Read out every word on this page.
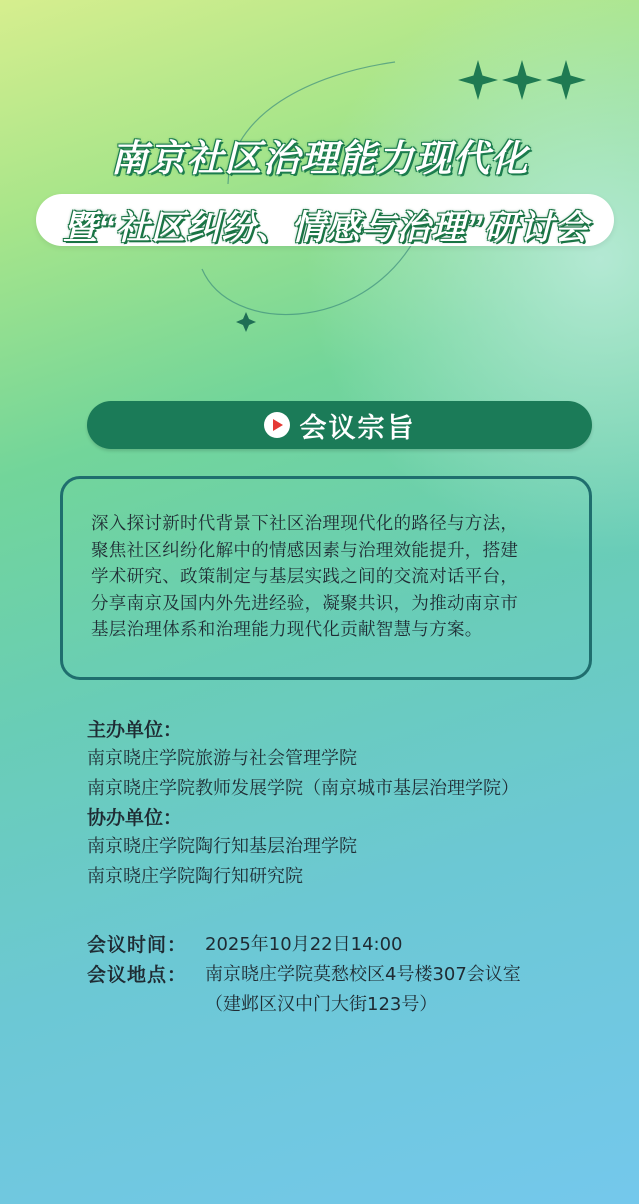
南京社区治理能力现代化
暨“社区纠纷、情感与治理”研讨会
会议宗旨
深入探讨新时代背景下社区治理现代化的路径与方法，
聚焦社区纠纷化解中的情感因素与治理效能提升，搭建
学术研究、政策制定与基层实践之间的交流对话平台，
分享南京及国内外先进经验，凝聚共识，为推动南京市
基层治理体系和治理能力现代化贡献智慧与方案。
主办单位：
南京晓庄学院旅游与社会管理学院
南京晓庄学院教师发展学院（南京城市基层治理学院）
协办单位：
南京晓庄学院陶行知基层治理学院
南京晓庄学院陶行知研究院
会议时间： 2025年10月22日14:00
会议地点： 南京晓庄学院莫愁校区4号楼307会议室
（建邺区汉中门大街123号）
